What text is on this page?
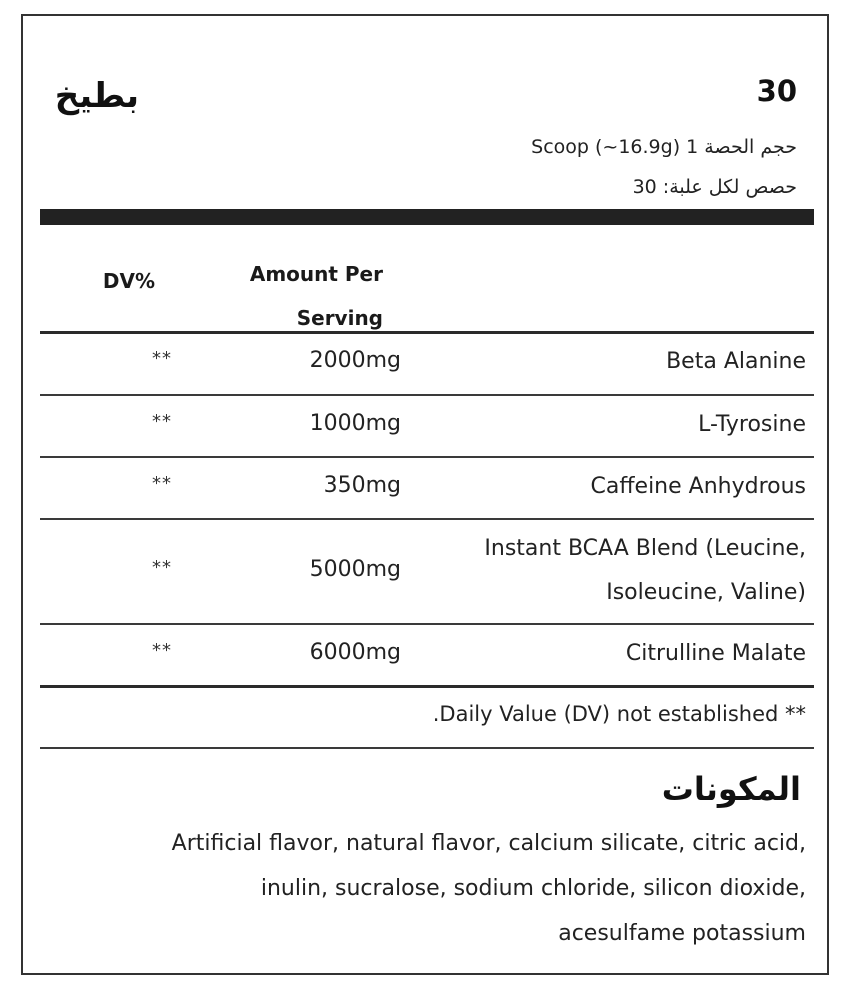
بطيخ	30
حجم الحصة 1 Scoop (~16.9g)
حصص لكل علبة: 30
DV%	Amount Per
Serving
**	2000mg	Beta Alanine
**	1000mg	L-Tyrosine
**	350mg	Caffeine Anhydrous
**	5000mg
Instant BCAA Blend (Leucine,
Isoleucine, Valine)
**	6000mg	Citrulline Malate
.Daily Value (DV) not established **
المكونات
Artificial flavor, natural flavor, calcium silicate, citric acid,
inulin, sucralose, sodium chloride, silicon dioxide,
acesulfame potassium
